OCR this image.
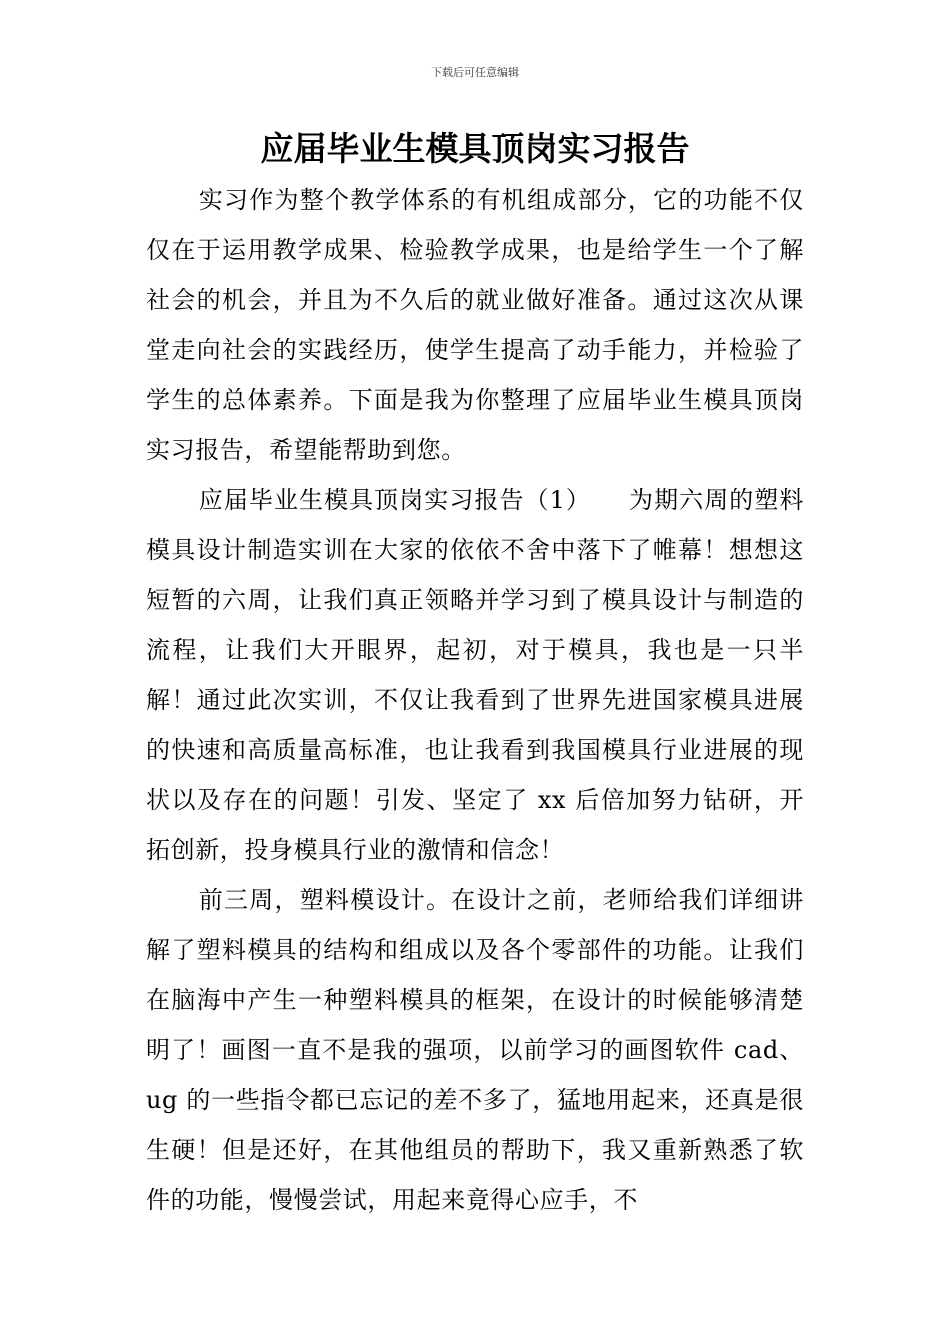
下载后可任意编辑
应届毕业生模具顶岗实习报告

实习作为整个教学体系的有机组成部分，它的功能不仅仅在于运用教学成果、检验教学成果，也是给学生一个了解社会的机会，并且为不久后的就业做好准备。通过这次从课堂走向社会的实践经历，使学生提高了动手能力，并检验了学生的总体素养。下面是我为你整理了应届毕业生模具顶岗实习报告，希望能帮助到您。

应届毕业生模具顶岗实习报告（1）　　为期六周的塑料模具设计制造实训在大家的依依不舍中落下了帷幕！想想这短暂的六周，让我们真正领略并学习到了模具设计与制造的流程，让我们大开眼界，起初，对于模具，我也是一只半解！通过此次实训，不仅让我看到了世界先进国家模具进展的快速和高质量高标准，也让我看到我国模具行业进展的现状以及存在的问题！引发、坚定了 xx 后倍加努力钻研，开拓创新，投身模具行业的激情和信念！

前三周，塑料模设计。在设计之前，老师给我们详细讲解了塑料模具的结构和组成以及各个零部件的功能。让我们在脑海中产生一种塑料模具的框架，在设计的时候能够清楚明了！画图一直不是我的强项，以前学习的画图软件 cad、ug 的一些指令都已忘记的差不多了，猛地用起来，还真是很生硬！但是还好，在其他组员的帮助下，我又重新熟悉了软件的功能，慢慢尝试，用起来竟得心应手，不
